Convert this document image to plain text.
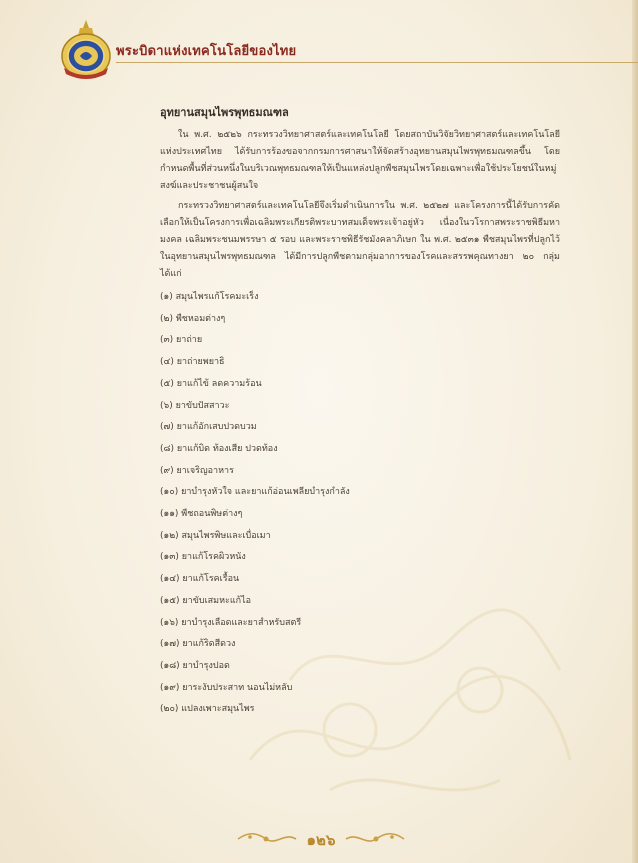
พระบิดาแห่งเทคโนโลยีของไทย
อุทยานสมุนไพรพุทธมณฑล

ใน พ.ศ. ๒๕๒๖ กระทรวงวิทยาศาสตร์และเทคโนโลยี โดยสถาบันวิจัยวิทยาศาสตร์และเทคโนโลยีแห่งประเทศไทย ได้รับการร้องขอจากกรมการศาสนาให้จัดสร้างอุทยานสมุนไพรพุทธมณฑลขึ้น โดยกำหนดพื้นที่ส่วนหนึ่งในบริเวณพุทธมณฑลให้เป็นแหล่งปลูกพืชสมุนไพรโดยเฉพาะเพื่อใช้ประโยชน์ในหมู่สงฆ์และประชาชนผู้สนใจ

กระทรวงวิทยาศาสตร์และเทคโนโลยีจึงเริ่มดำเนินการใน พ.ศ. ๒๕๒๗ และโครงการนี้ได้รับการคัดเลือกให้เป็นโครงการเพื่อเฉลิมพระเกียรติพระบาทสมเด็จพระเจ้าอยู่หัว เนื่องในวโรกาสพระราชพิธีมหามงคล เฉลิมพระชนมพรรษา ๕ รอบ และพระราชพิธีรัชมังคลาภิเษก ใน พ.ศ. ๒๕๓๑ พืชสมุนไพรที่ปลูกไว้ในอุทยานสมุนไพรพุทธมณฑล ได้มีการปลูกพืชตามกลุ่มอาการของโรคและสรรพคุณทางยา ๒๐ กลุ่ม ได้แก่

(๑) สมุนไพรแก้โรคมะเร็ง
(๒) พืชหอมต่างๆ
(๓) ยาถ่าย
(๔) ยาถ่ายพยาธิ
(๕) ยาแก้ไข้ ลดความร้อน
(๖) ยาขับปัสสาวะ
(๗) ยาแก้อักเสบปวดบวม
(๘) ยาแก้บิด ท้องเสีย ปวดท้อง
(๙) ยาเจริญอาหาร
(๑๐) ยาบำรุงหัวใจ และยาแก้อ่อนเพลียบำรุงกำลัง
(๑๑) พืชถอนพิษต่างๆ
(๑๒) สมุนไพรพิษและเบื่อเมา
(๑๓) ยาแก้โรคผิวหนัง
(๑๔) ยาแก้โรคเรื้อน
(๑๕) ยาขับเสมหะแก้ไอ
(๑๖) ยาบำรุงเลือดและยาสำหรับสตรี
(๑๗) ยาแก้ริดสีดวง
(๑๘) ยาบำรุงปอด
(๑๙) ยาระงับประสาท นอนไม่หลับ
(๒๐) แปลงเพาะสมุนไพร
๑๒๖
